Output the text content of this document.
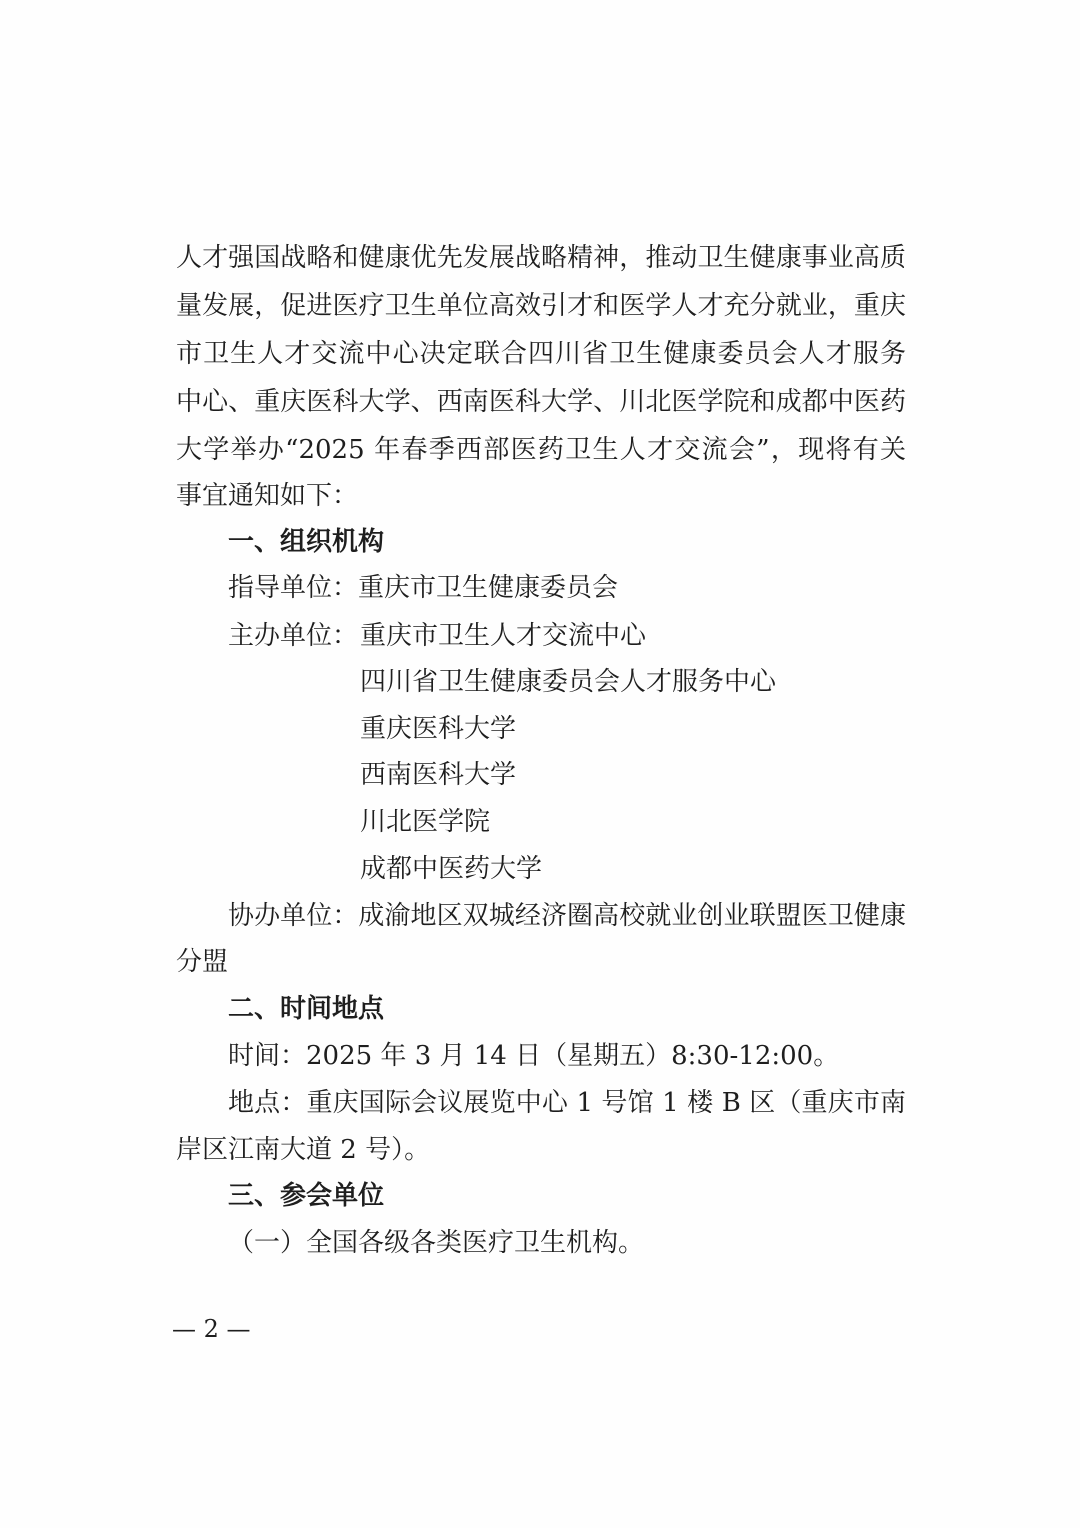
人才强国战略和健康优先发展战略精神，推动卫生健康事业高质
量发展，促进医疗卫生单位高效引才和医学人才充分就业，重庆
市卫生人才交流中心决定联合四川省卫生健康委员会人才服务
中心、重庆医科大学、西南医科大学、川北医学院和成都中医药
大学举办“2025 年春季西部医药卫生人才交流会”，现将有关
事宜通知如下：
一、组织机构
指导单位：重庆市卫生健康委员会
主办单位： 重庆市卫生人才交流中心
四川省卫生健康委员会人才服务中心
重庆医科大学
西南医科大学
川北医学院
成都中医药大学
协办单位：成渝地区双城经济圈高校就业创业联盟医卫健康
分盟
二、时间地点
时间：2025 年 3 月 14 日（星期五）8:30-12:00。
地点：重庆国际会议展览中心 1 号馆 1 楼 B 区（重庆市南
岸区江南大道 2 号）。
三、参会单位
（一）全国各级各类医疗卫生机构。
— 2 —
